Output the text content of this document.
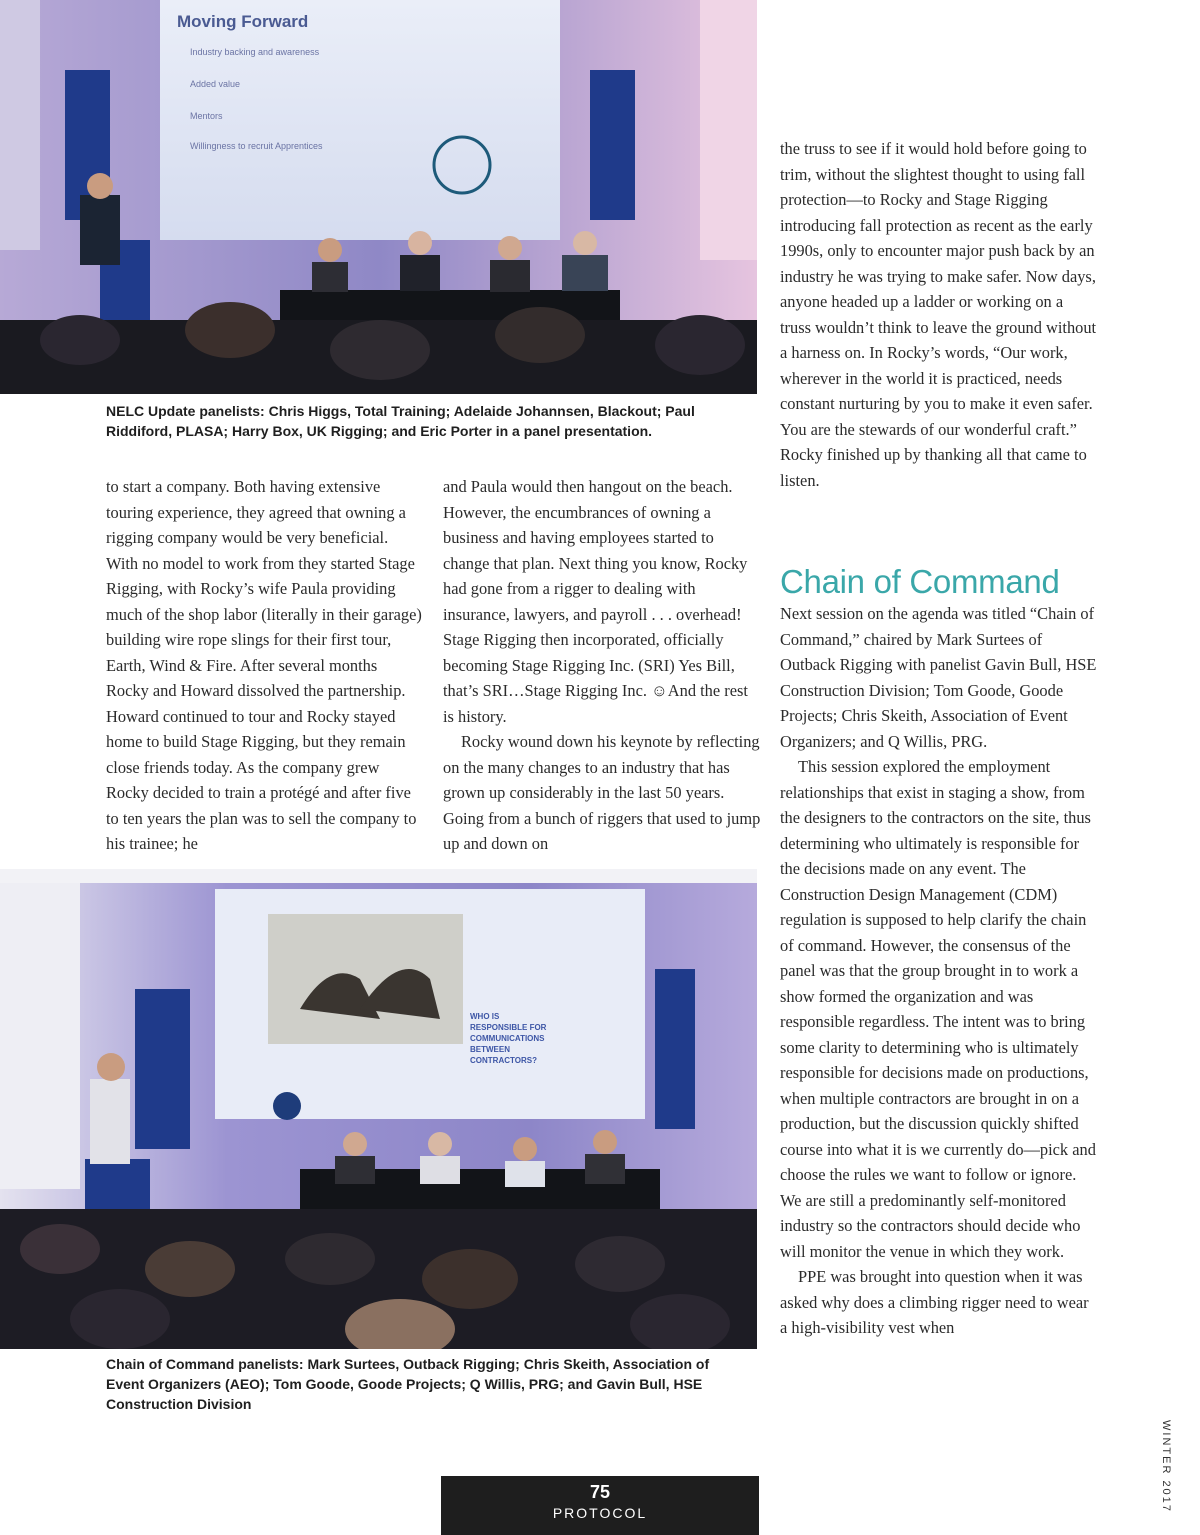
Moving Forward
Industry backing and awareness
Added value
Mentors
Willingness to recruit Apprentices
NELC Update panelists: Chris Higgs, Total Training; Adelaide Johannsen, Blackout; Paul Riddiford, PLASA; Harry Box, UK Rigging; and Eric Porter in a panel presentation.
WHO IS
RESPONSIBLE FOR
COMMUNICATIONS
BETWEEN
CONTRACTORS?
Chain of Command panelists: Mark Surtees, Outback Rigging; Chris Skeith, Association of Event Organizers (AEO); Tom Goode, Goode Projects; Q Willis, PRG; and Gavin Bull, HSE Construction Division

to start a company. Both having extensive touring experience, they agreed that owning a rigging company would be very beneficial. With no model to work from they started Stage Rigging, with Rocky’s wife Paula providing much of the shop labor (literally in their garage) building wire rope slings for their first tour, Earth, Wind & Fire. After several months Rocky and Howard dissolved the partnership. Howard continued to tour and Rocky stayed home to build Stage Rigging, but they remain close friends today. As the company grew Rocky decided to train a protégé and after five to ten years the plan was to sell the company to his trainee; he

and Paula would then hangout on the beach. However, the encumbrances of owning a business and having employees started to change that plan. Next thing you know, Rocky had gone from a rigger to dealing with insurance, lawyers, and payroll . . . overhead! Stage Rigging then incorporated, officially becoming Stage Rigging Inc. (SRI) Yes Bill, that’s SRI…Stage Rigging Inc. ☺And the rest is history.

Rocky wound down his keynote by reflecting on the many changes to an industry that has grown up considerably in the last 50 years. Going from a bunch of riggers that used to jump up and down on

the truss to see if it would hold before going to trim, without the slightest thought to using fall protection—to Rocky and Stage Rigging introducing fall protection as recent as the early 1990s, only to encounter major push back by an industry he was trying to make safer. Now days, anyone headed up a ladder or working on a truss wouldn’t think to leave the ground without a harness on. In Rocky’s words, “Our work, wherever in the world it is practiced, needs constant nurturing by you to make it even safer. You are the stewards of our wonderful craft.” Rocky finished up by thanking all that came to listen.

Chain of Command

Next session on the agenda was titled “Chain of Command,” chaired by Mark Surtees of Outback Rigging with panelist Gavin Bull, HSE Construction Division; Tom Goode, Goode Projects; Chris Skeith, Association of Event Organizers; and Q Willis, PRG.

This session explored the employment relationships that exist in staging a show, from the designers to the contractors on the site, thus determining who ultimately is responsible for the decisions made on any event. The Construction Design Management (CDM) regulation is supposed to help clarify the chain of command. However, the consensus of the panel was that the group brought in to work a show formed the organization and was responsible regardless. The intent was to bring some clarity to determining who is ultimately responsible for decisions made on productions, when multiple contractors are brought in on a production, but the discussion quickly shifted course into what it is we currently do—pick and choose the rules we want to follow or ignore. We are still a predominantly self-monitored industry so the contractors should decide who will monitor the venue in which they work.

PPE was brought into question when it was asked why does a climbing rigger need to wear a high-visibility vest when

75
PROTOCOL
WINTER 2017
